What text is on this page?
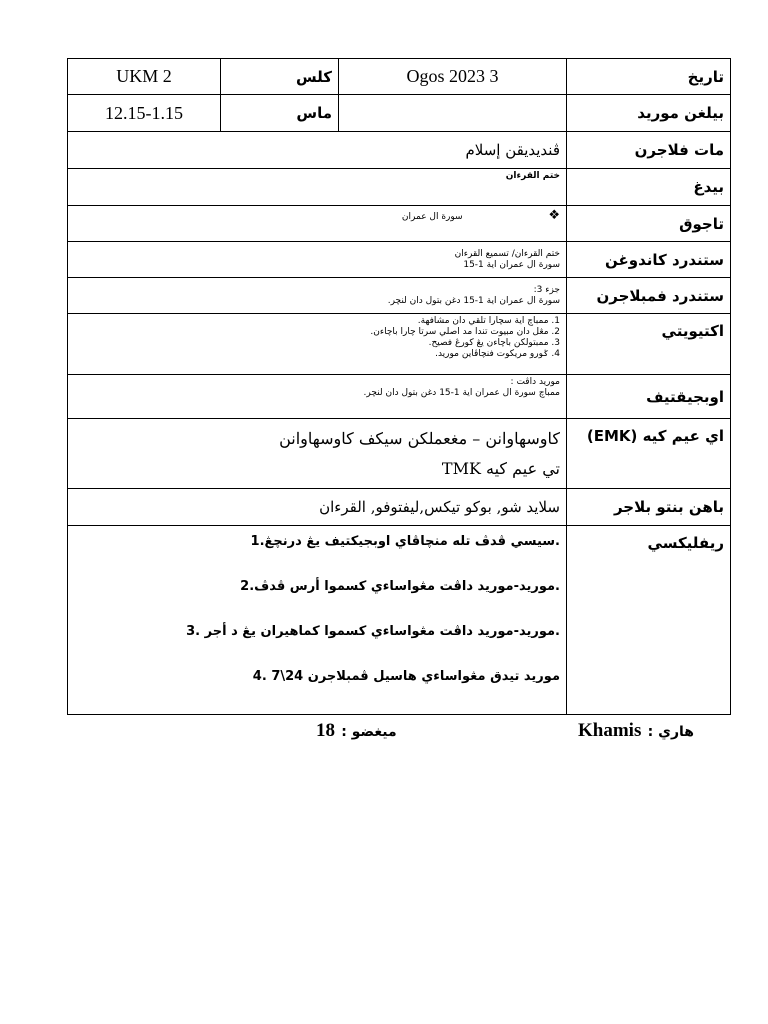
UKM 2	كلس	Ogos 2023 3	تاريخ
12.15-1.15	ماس		بيلغن موريد
ڤنديديقن إسلام			مات فلاجرن
ختم القرءان			بيدغ
❖  سورة ال عمران			تاجوق

ختم القرءان/ تسميع القرءان
سورة ال عمران اية 1-15			ستندرد كاندوغن

جزء 3:
سورة ال عمران اية 1-15 دغن بتول دان لنچر.			ستندرد فمبلاجرن

1. ممباچ اية سچارا تلقي دان مشافهة.
2. مڠل دان مبيوت تندا مد اصلي سرتا چارا باچاءن.
3. ممبتولكن باچاءن يڠ كورڠ فصيح.
4. ݢورو مريكوت فنچاڤاين موريد.			اكتيويتي

موريد داڤت :
ممباچ سورة ال عمران اية 1-15 دغن بتول دان لنچر.			اوبجيقتيف

كاوسهاوانن – مغعملكن سيكف كاوسهاوانن
تي عيم كيه TMK			اي عيم كيه (EMK)
سلايد شو, بوكو تيكس,ليفتوفو, القرءان			باهن بنتو بلاجر

.سيسي ڤدڤ تله منچاڤاي اوبجيكتيف يڠ درنچڠ.1
.موريد-موريد داڤت مڠواساءي كسموا أرس ڤدڤ.2
.موريد-موريد داڤت مڠواساءي كسموا كماهيران يڠ د أجر .3
موريد تيدق مڠواساءي هاسيل ڤمبلاجرن 24\7 .4			ريفليكسي
هاري : Khamis
ميغضو : 18
